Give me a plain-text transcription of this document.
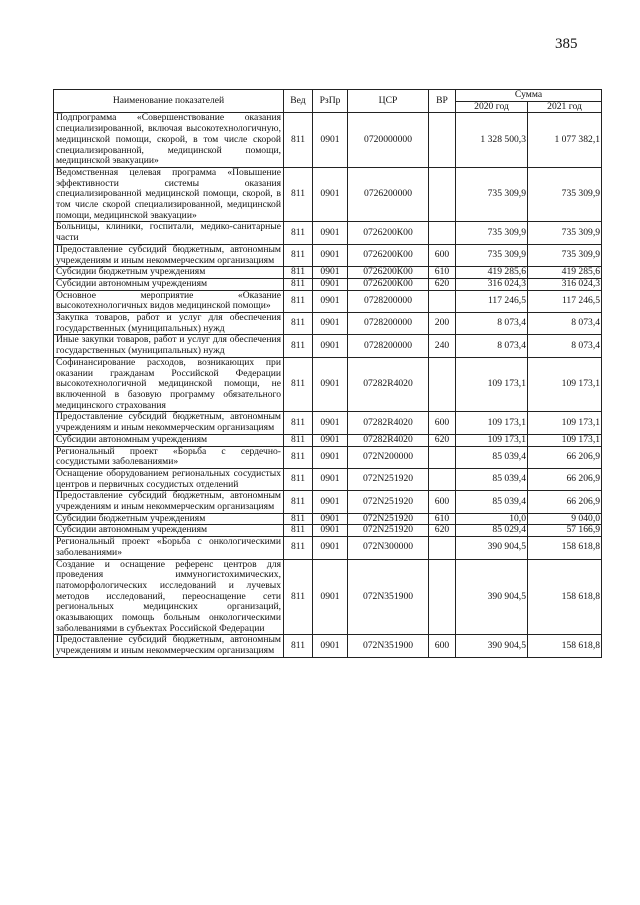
385
Наименование показателей	Вед	РзПр	ЦСР	ВР	Сумма	
					2020 год	2021 год
Подпрограмма «Совершенствование оказания специализированной, включая высокотехнологичную, медицинской помощи, скорой, в том числе скорой специализированной, медицинской помощи, медицинской эвакуации»	811	0901	0720000000		1 328 500,3	1 077 382,1
Ведомственная целевая программа «Повышение эффективности системы оказания специализированной медицинской помощи, скорой, в том числе скорой специализированной, медицинской помощи, медицинской эвакуации»	811	0901	0726200000		735 309,9	735 309,9
Больницы, клиники, госпитали, медико-санитарные части	811	0901	0726200К00		735 309,9	735 309,9
Предоставление субсидий бюджетным, автономным учреждениям и иным некоммерческим организациям	811	0901	0726200К00	600	735 309,9	735 309,9
Субсидии бюджетным учреждениям	811	0901	0726200К00	610	419 285,6	419 285,6
Субсидии автономным учреждениям	811	0901	0726200К00	620	316 024,3	316 024,3
Основное мероприятие «Оказание высокотехнологичных видов медицинской помощи»	811	0901	0728200000		117 246,5	117 246,5
Закупка товаров, работ и услуг для обеспечения государственных (муниципальных) нужд	811	0901	0728200000	200	8 073,4	8 073,4
Иные закупки товаров, работ и услуг для обеспечения государственных (муниципальных) нужд	811	0901	0728200000	240	8 073,4	8 073,4
Софинансирование расходов, возникающих при оказании гражданам Российской Федерации высокотехнологичной медицинской помощи, не включенной в базовую программу обязательного медицинского страхования	811	0901	07282R4020		109 173,1	109 173,1
Предоставление субсидий бюджетным, автономным учреждениям и иным некоммерческим организациям	811	0901	07282R4020	600	109 173,1	109 173,1
Субсидии автономным учреждениям	811	0901	07282R4020	620	109 173,1	109 173,1
Региональный проект «Борьба с сердечно-сосудистыми заболеваниями»	811	0901	072N200000		85 039,4	66 206,9
Оснащение оборудованием региональных сосудистых центров и первичных сосудистых отделений	811	0901	072N251920		85 039,4	66 206,9
Предоставление субсидий бюджетным, автономным учреждениям и иным некоммерческим организациям	811	0901	072N251920	600	85 039,4	66 206,9
Субсидии бюджетным учреждениям	811	0901	072N251920	610	10,0	9 040,0
Субсидии автономным учреждениям	811	0901	072N251920	620	85 029,4	57 166,9
Региональный проект «Борьба с онкологическими заболеваниями»	811	0901	072N300000		390 904,5	158 618,8
Создание и оснащение референс центров для проведения иммуногистохимических, патоморфологических исследований и лучевых методов исследований, переоснащение сети региональных медицинских организаций, оказывающих помощь больным онкологическими заболеваниями в субъектах Российской Федерации	811	0901	072N351900		390 904,5	158 618,8
Предоставление субсидий бюджетным, автономным учреждениям и иным некоммерческим организациям	811	0901	072N351900	600	390 904,5	158 618,8
